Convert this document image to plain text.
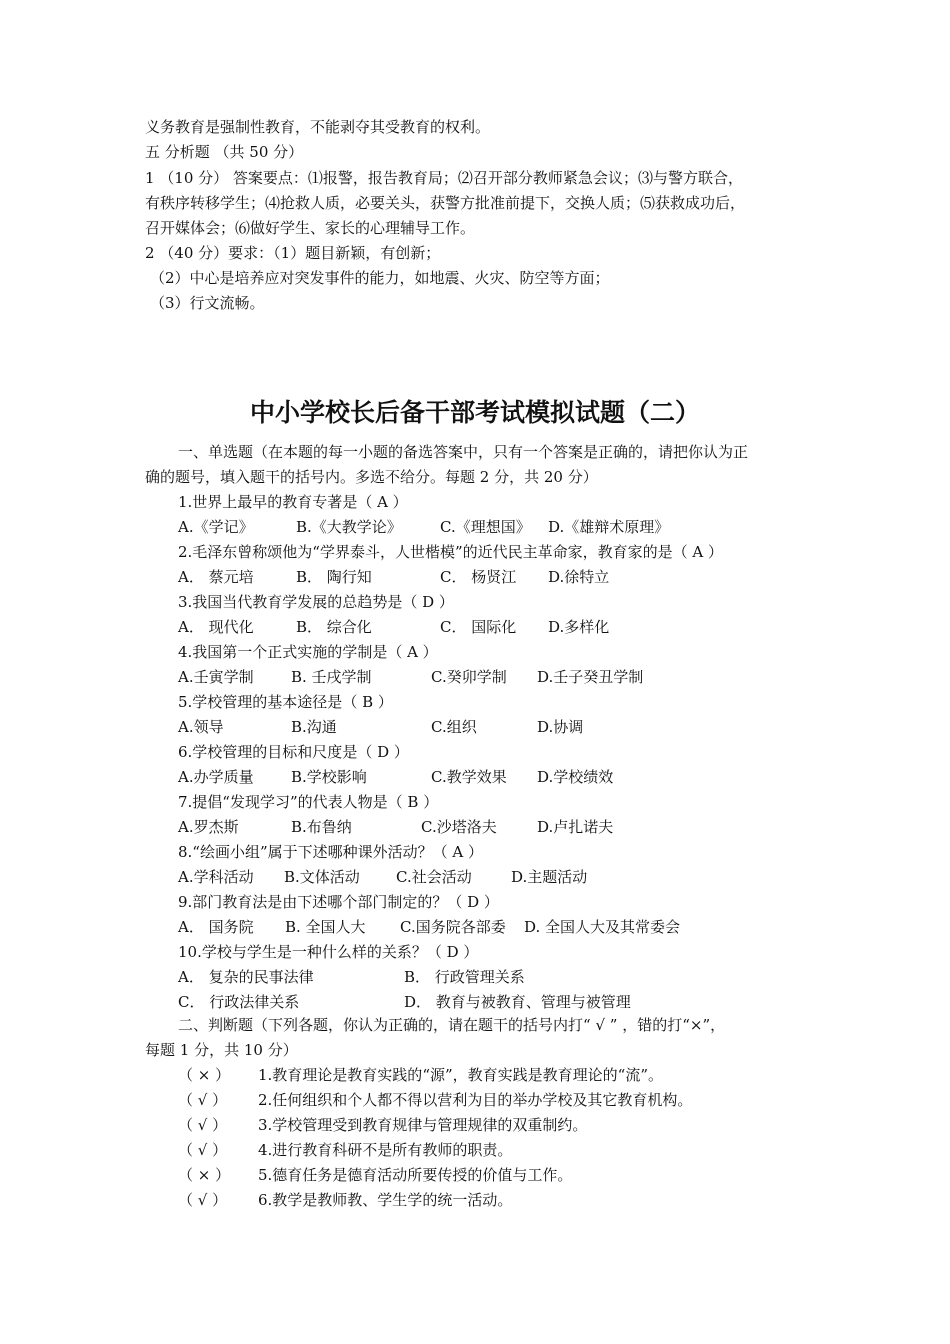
义务教育是强制性教育，不能剥夺其受教育的权利。
五 分析题 （共 50 分）
1 （10 分） 答案要点：⑴报警，报告教育局；⑵召开部分教师紧急会议；⑶与警方联合，
有秩序转移学生；⑷抢救人质，必要关头，获警方批准前提下，交换人质；⑸获救成功后，
召开媒体会；⑹做好学生、家长的心理辅导工作。
2 （40 分）要求：（1）题目新颖，有创新；
（2）中心是培养应对突发事件的能力，如地震、火灾、防空等方面；
（3）行文流畅。
中小学校长后备干部考试模拟试题（二）
一、单选题（在本题的每一小题的备选答案中，只有一个答案是正确的，请把你认为正
确的题号，填入题干的括号内。多选不给分。每题 2 分，共 20 分）
1.世界上最早的教育专著是（ A ）
A.《学记》	B.《大教学论》	C.《理想国》 D.《雄辩术原理》
2.毛泽东曾称颂他为“学界泰斗，人世楷模”的近代民主革命家，教育家的是（ A ）
A． 蔡元培	B． 陶行知	C． 杨贤江 D.徐特立
3.我国当代教育学发展的总趋势是（ D ）
A． 现代化	B． 综合化	C． 国际化 D.多样化
4.我国第一个正式实施的学制是（ A ）
A.壬寅学制 B. 壬戌学制	C.癸卯学制 D.壬子癸丑学制
5.学校管理的基本途径是（ B ）
A.领导	B.沟通	C.组织	D.协调
6.学校管理的目标和尺度是（ D ）
A.办学质量 B.学校影响	C.教学效果 D.学校绩效
7.提倡“发现学习”的代表人物是（ B ）
A.罗杰斯	B.布鲁纳	C.沙塔洛夫	D.卢扎诺夫
8.“绘画小组”属于下述哪种课外活动？（ A ）
A.学科活动 B.文体活动 C.社会活动	D.主题活动
9.部门教育法是由下述哪个部门制定的？（ D ）
A． 国务院 B. 全国人大 C.国务院各部委 D. 全国人大及其常委会
10.学校与学生是一种什么样的关系？（ D ）
A． 复杂的民事法律	B． 行政管理关系
C． 行政法律关系	D． 教育与被教育、管理与被管理
二、判断题（下列各题，你认为正确的，请在题干的括号内打“ √ ” ，错的打“×”，
每题 1 分，共 10 分）
（ × ） 1.教育理论是教育实践的“源”，教育实践是教育理论的“流”。
（ √ ） 2.任何组织和个人都不得以营利为目的举办学校及其它教育机构。
（ √ ） 3.学校管理受到教育规律与管理规律的双重制约。
（ √ ） 4.进行教育科研不是所有教师的职责。
（ × ） 5.德育任务是德育活动所要传授的价值与工作。
（ √ ） 6.教学是教师教、学生学的统一活动。
